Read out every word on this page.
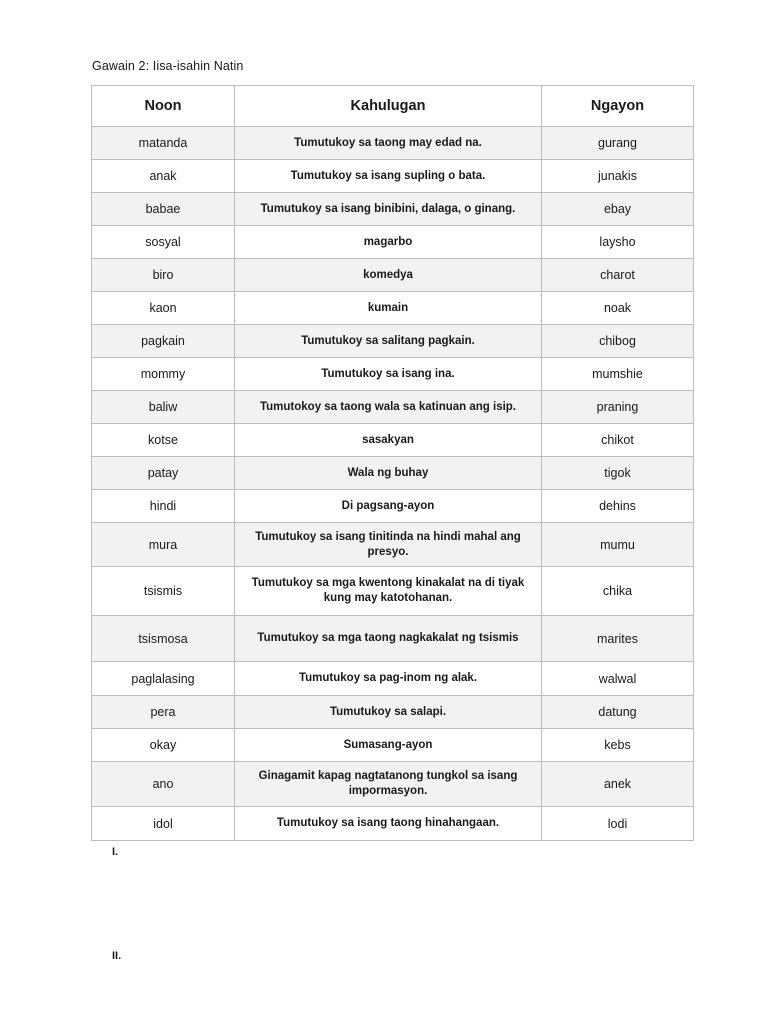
Gawain 2: Iisa-isahin Natin
Noon	Kahulugan	Ngayon
matanda	Tumutukoy sa taong may edad na.	gurang
anak	Tumutukoy sa isang supling o bata.	junakis
babae	Tumutukoy sa isang binibini, dalaga, o ginang.	ebay
sosyal	magarbo	laysho
biro	komedya	charot
kaon	kumain	noak
pagkain	Tumutukoy sa salitang pagkain.	chibog
mommy	Tumutukoy sa isang ina.	mumshie
baliw	Tumutokoy sa taong wala sa katinuan ang isip.	praning
kotse	sasakyan	chikot
patay	Wala ng buhay	tigok
hindi	Di pagsang-ayon	dehins
mura	Tumutukoy sa isang tinitinda na hindi mahal ang presyo.	mumu
tsismis	Tumutukoy sa mga kwentong kinakalat na di tiyak kung may katotohanan.	chika
tsismosa	Tumutukoy sa mga taong nagkakalat ng tsismis	marites
paglalasing	Tumutukoy sa pag-inom ng alak.	walwal
pera	Tumutukoy sa salapi.	datung
okay	Sumasang-ayon	kebs
ano	Ginagamit kapag nagtatanong tungkol sa isang impormasyon.	anek
idol	Tumutukoy sa isang taong hinahangaan.	lodi
I.
II.
